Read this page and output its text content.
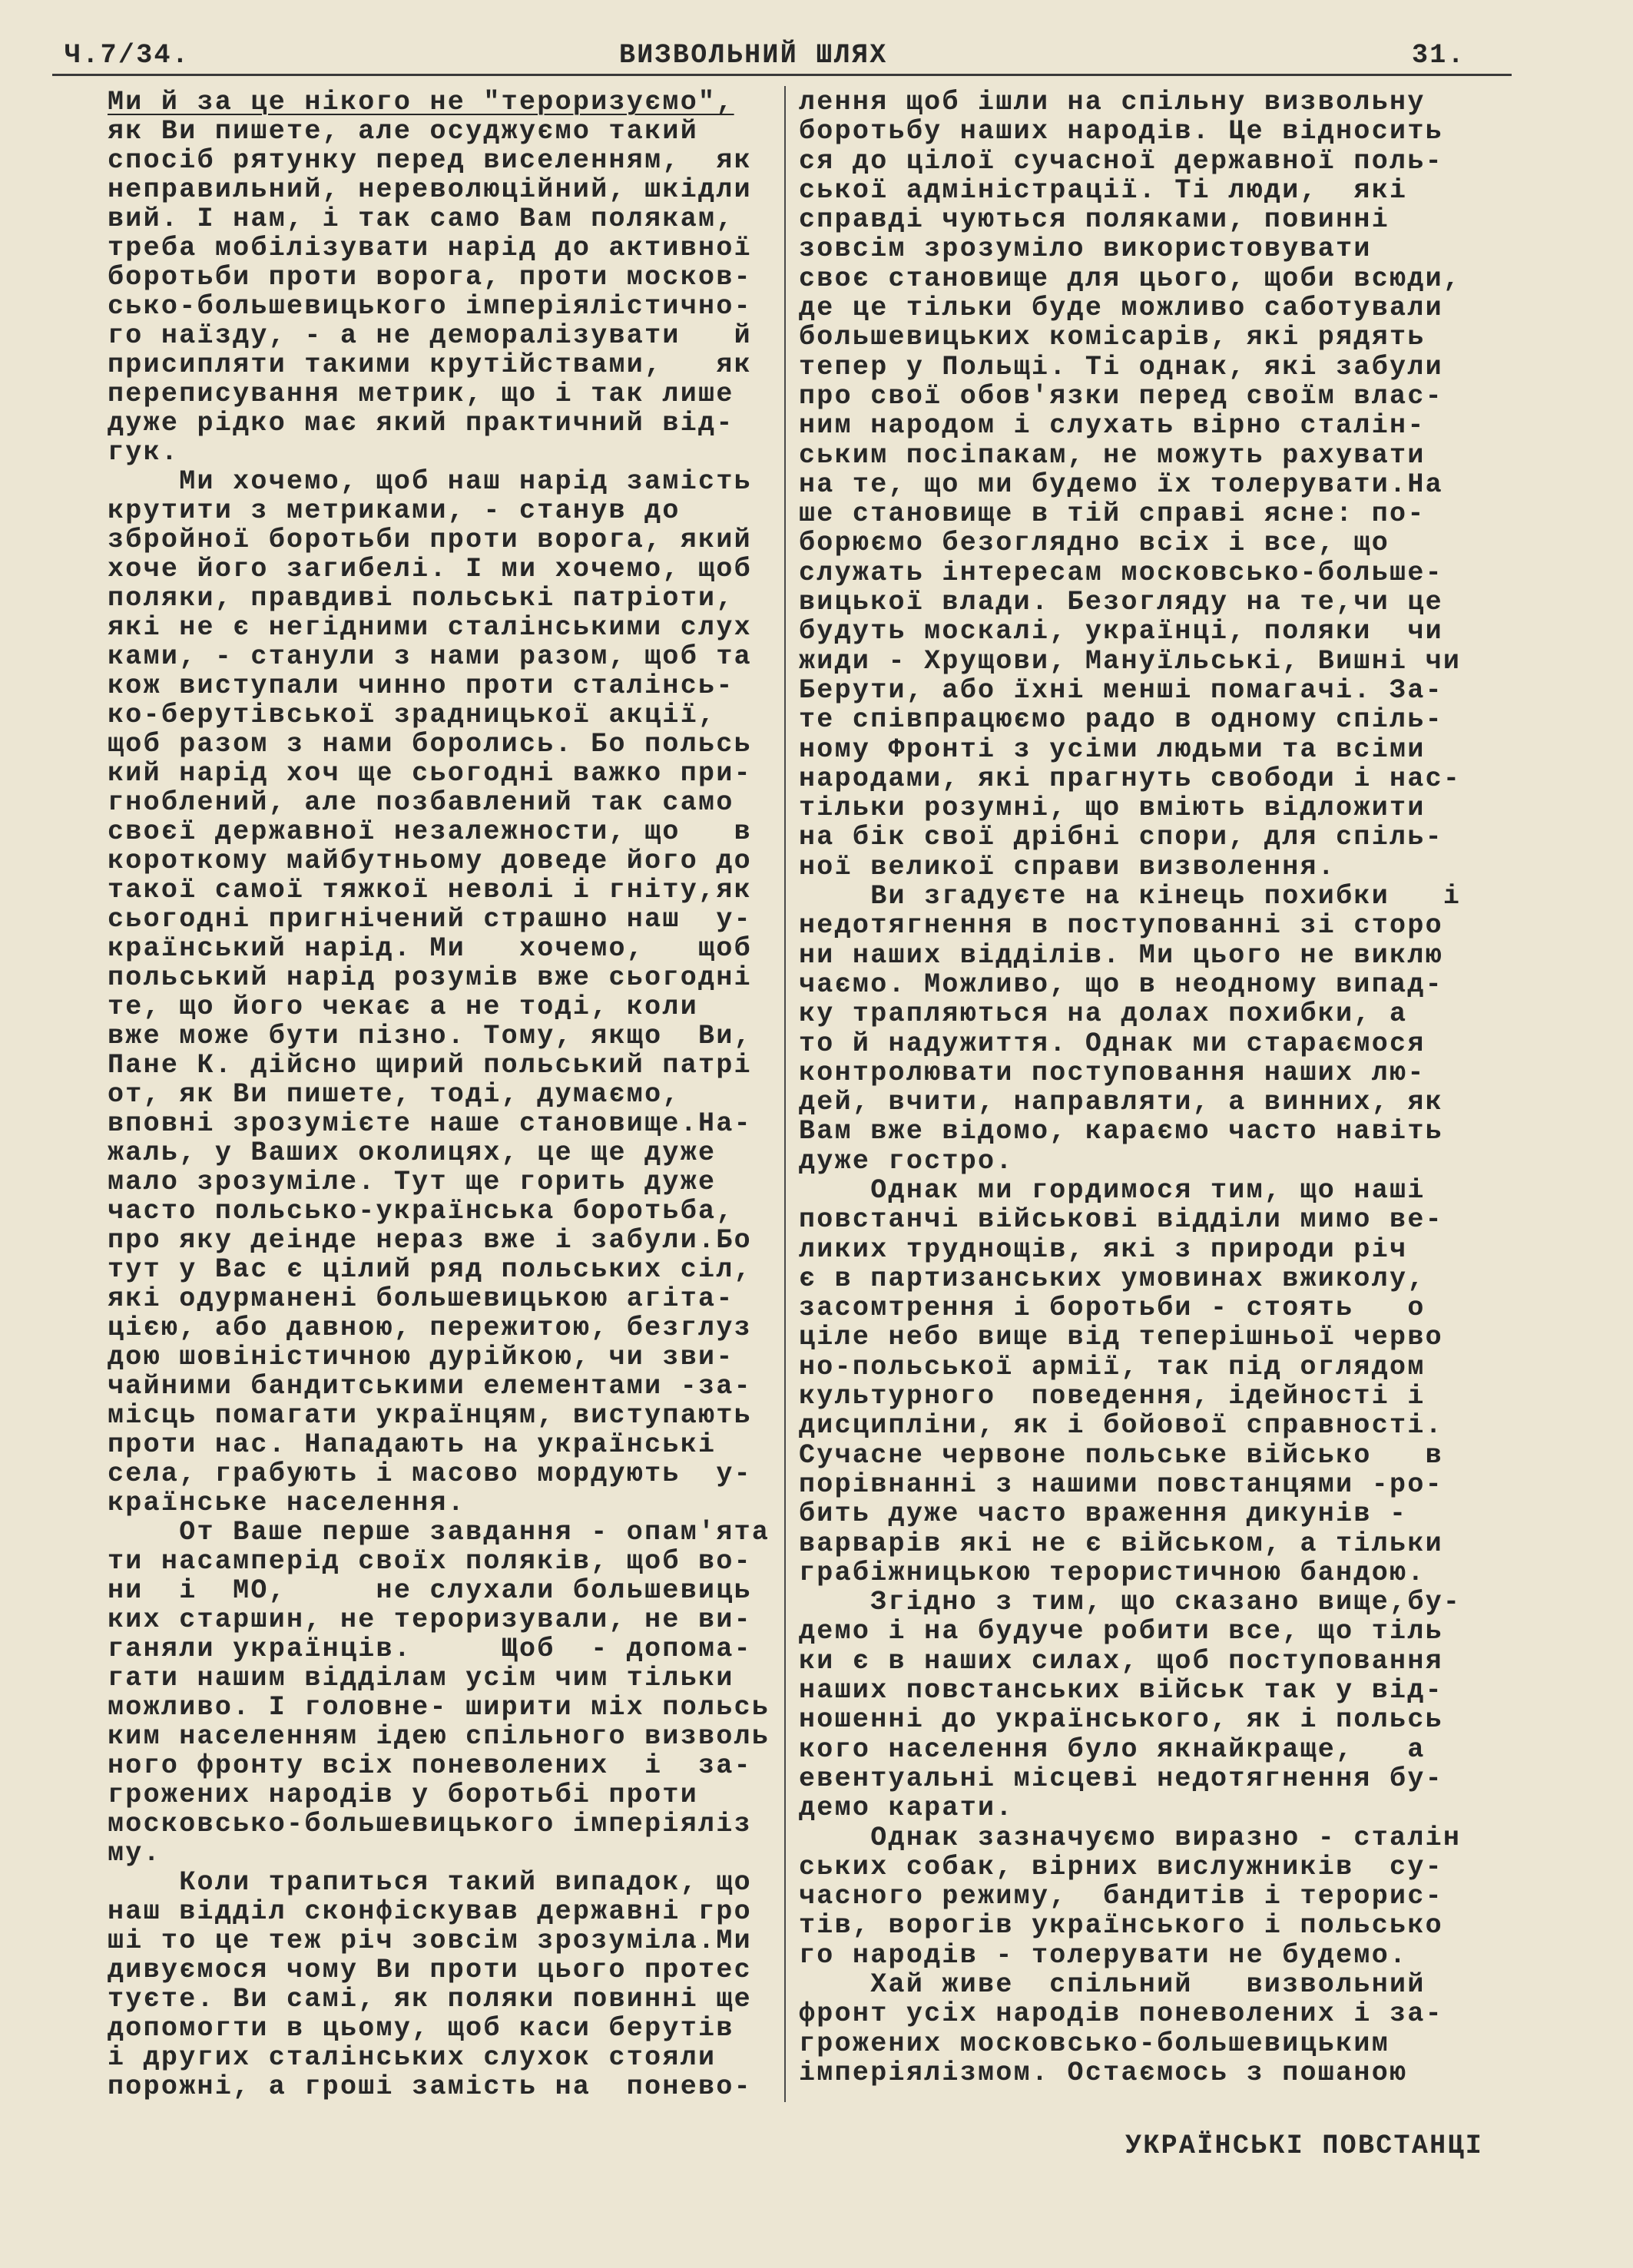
Ч.7/34.	ВИЗВОЛЬНИЙ ШЛЯХ	31.
Ми й за це нікого не "тероризуємо",
як Ви пишете, але осуджуємо такий
спосіб рятунку перед виселенням,  як
неправильний, нереволюційний, шкідли
вий. І нам, і так само Вам полякам,
треба мобілізувати нарід до активної
боротьби проти ворога, проти москов-
сько-большевицького імперіялістично-
го наїзду, - а не деморалізувати   й
присипляти такими крутійствами,   як
переписування метрик, що і так лише
дуже рідко має який практичний від-
гук.
Ми хочемо, щоб наш нарід замість
крутити з метриками, - станув до
збройної боротьби проти ворога, який
хоче його загибелі. І ми хочемо, щоб
поляки, правдиві польські патріоти,
які не є негідними сталінськими слух
ками, - станули з нами разом, щоб та
кож виступали чинно проти сталінсь-
ко-берутівської зрадницької акції,
щоб разом з нами боролись. Бо польсь
кий нарід хоч ще сьогодні важко при-
гноблений, але позбавлений так само
своєї державної незалежности, що   в
короткому майбутньому доведе його до
такої самої тяжкої неволі і гніту,як
сьогодні пригнічений страшно наш  у-
країнський нарід. Ми   хочемо,   щоб
польський нарід розумів вже сьогодні
те, що його чекає а не тоді, коли
вже може бути пізно. Тому, якщо  Ви,
Пане К. дійсно щирий польський патрі
от, як Ви пишете, тоді, думаємо,
вповні зрозумієте наше становище.На-
жаль, у Ваших околицях, це ще дуже
мало зрозуміле. Тут ще горить дуже
часто польсько-українська боротьба,
про яку деінде нераз вже і забули.Бо
тут у Вас є цілий ряд польських сіл,
які одурманені большевицькою агіта-
цією, або давною, пережитою, безглуз
дою шовіністичною дурійкою, чи зви-
чайними бандитськими елементами -за-
місць помагати українцям, виступають
проти нас. Нападають на українські
села, грабують і масово мордують  у-
країнське населення.
От Ваше перше завдання - опам'ята
ти насамперід своїх поляків, щоб во-
ни  і  МО,     не слухали большевиць
ких старшин, не тероризували, не ви-
ганяли українців.     Щоб  - допома-
гати нашим відділам усім чим тільки
можливо. І головне- ширити міх польсь
ким населенням ідею спільного визволь
ного фронту всіх поневолених  і  за-
грожених народів у боротьбі проти
московсько-большевицького імперіяліз
му.
Коли трапиться такий випадок, що
наш відділ сконфіскував державні гро
ші то це теж річ зовсім зрозуміла.Ми
дивуємося чому Ви проти цього протес
туєте. Ви самі, як поляки повинні ще
допомогти в цьому, щоб каси берутів
і других сталінських слухок стояли
порожні, а гроші замість на  понево-
лення щоб ішли на спільну визвольну
боротьбу наших народів. Це відносить
ся до цілої сучасної державної поль-
ської адміністрації. Ті люди,  які
справді чуються поляками, повинні
зовсім зрозуміло використовувати
своє становище для цього, щоби всюди,
де це тільки буде можливо саботували
большевицьких комісарів, які рядять
тепер у Польщі. Ті однак, які забули
про свої обов'язки перед своїм влас-
ним народом і слухать вірно сталін-
ським посіпакам, не можуть рахувати
на те, що ми будемо їх толерувати.На
ше становище в тій справі ясне: по-
борюємо безоглядно всіх і все, що
служать інтересам московсько-больше-
вицької влади. Безогляду на те,чи це
будуть москалі, українці, поляки  чи
жиди - Хрущови, Мануїльські, Вишні чи
Берути, або їхні менші помагачі. За-
те співпрацюємо радо в одному спіль-
ному Фронті з усіми людьми та всіми
народами, які прагнуть свободи і нас-
тільки розумні, що вміють відложити
на бік свої дрібні спори, для спіль-
ної великої справи визволення.
Ви згадуєте на кінець похибки   і
недотягнення в поступованні зі сторо
ни наших відділів. Ми цього не виклю
чаємо. Можливо, що в неодному випад-
ку трапляються на долах похибки, а
то й надужиття. Однак ми стараємося
контролювати поступовання наших лю-
дей, вчити, направляти, а винних, як
Вам вже відомо, караємо часто навіть
дуже гостро.
Однак ми гордимося тим, що наші
повстанчі військові відділи мимо ве-
ликих труднощів, які з природи річ
є в партизанських умовинах вжиколу,
засомтрення і боротьби - стоять   о
ціле небо вище від теперішньої черво
но-польської армії, так під оглядом
культурного  поведення, ідейності і
дисципліни, як і бойової справності.
Сучасне червоне польське військо   в
порівнанні з нашими повстанцями -ро-
бить дуже часто враження дикунів -
варварів які не є військом, а тільки
грабіжницькою терористичною бандою.
Згідно з тим, що сказано вище,бу-
демо і на будуче робити все, що тіль
ки є в наших силах, щоб поступовання
наших повстанських військ так у від-
ношенні до українського, як і польсь
кого населення було якнайкраще,   а
евентуальні місцеві недотягнення бу-
демо карати.
Однак зазначуємо виразно - сталін
ських собак, вірних вислужників  су-
часного режиму,  бандитів і терорис-
тів, ворогів українського і польсько
го народів - толерувати не будемо.
Хай живе  спільний   визвольний
фронт усіх народів поневолених і за-
грожених московсько-большевицьким
імперіялізмом. Остаємось з пошаною
УКРАЇНСЬКІ ПОВСТАНЦІ
